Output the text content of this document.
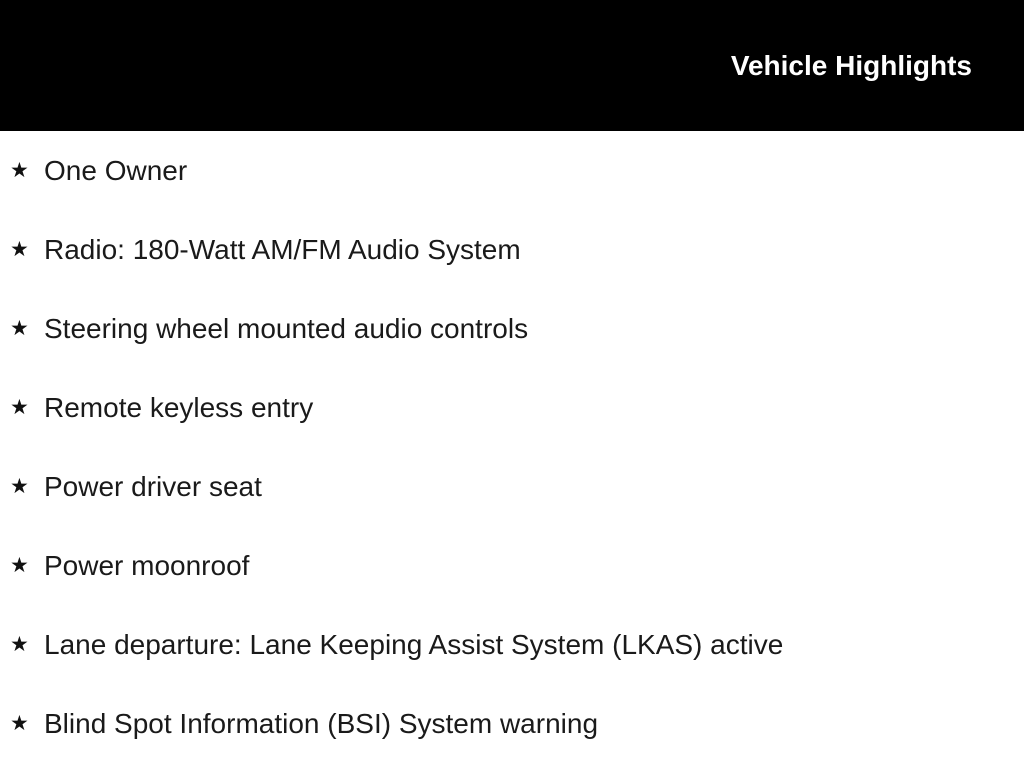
Vehicle Highlights
★ One Owner
★ Radio: 180-Watt AM/FM Audio System
★ Steering wheel mounted audio controls
★ Remote keyless entry
★ Power driver seat
★ Power moonroof
★ Lane departure: Lane Keeping Assist System (LKAS) active
★ Blind Spot Information (BSI) System warning
